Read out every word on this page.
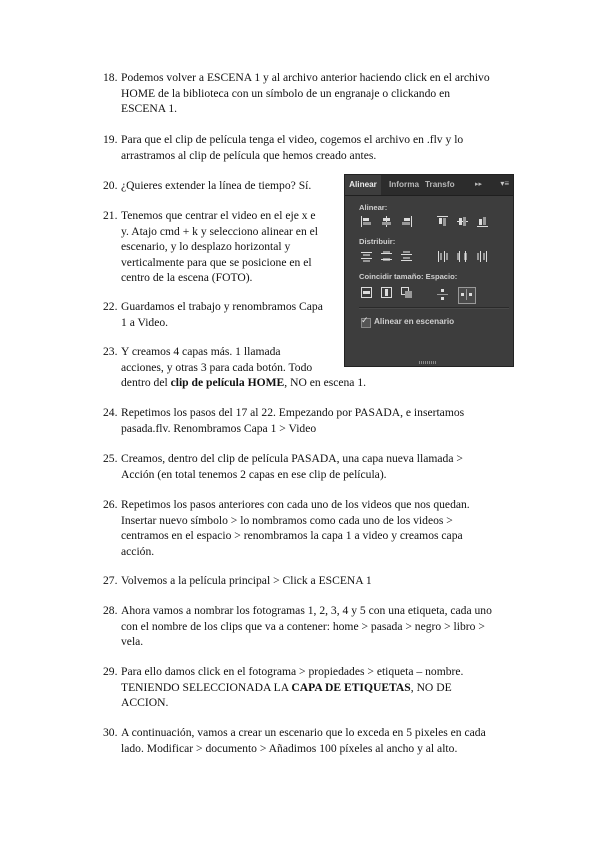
18. Podemos volver a ESCENA 1 y al archivo anterior haciendo click en el archivo
HOME de la biblioteca con un símbolo de un engranaje o clickando en
ESCENA 1.
19. Para que el clip de película tenga el video, cogemos el archivo en .flv y lo
arrastramos al clip de película que hemos creado antes.
20. ¿Quieres extender la línea de tiempo? Sí.
21. Tenemos que centrar el video en el eje x e
y. Atajo cmd + k y selecciono alinear en el
escenario, y lo desplazo horizontal y
verticalmente para que se posicione en el
centro de la escena (FOTO).
22. Guardamos el trabajo y renombramos Capa
1 a Video.
23. Y creamos 4 capas más. 1 llamada
acciones, y otras 3 para cada botón. Todo
dentro del clip de película HOME, NO en escena 1.
24. Repetimos los pasos del 17 al 22. Empezando por PASADA, e insertamos
pasada.flv. Renombramos Capa 1 > Video
25. Creamos, dentro del clip de película PASADA, una capa nueva llamada >
Acción (en total tenemos 2 capas en ese clip de película).
26. Repetimos los pasos anteriores con cada uno de los videos que nos quedan.
Insertar nuevo símbolo > lo nombramos como cada uno de los videos >
centramos en el espacio > renombramos la capa 1 a video y creamos capa
acción.
27. Volvemos a la película principal > Click a ESCENA 1
28. Ahora vamos a nombrar los fotogramas 1, 2, 3, 4 y 5 con una etiqueta, cada uno
con el nombre de los clips que va a contener: home > pasada > negro > libro >
vela.
29. Para ello damos click en el fotograma > propiedades > etiqueta – nombre.
TENIENDO SELECCIONADA LA CAPA DE ETIQUETAS, NO DE
ACCION.
30. A continuación, vamos a crear un escenario que lo exceda en 5 pixeles en cada
lado. Modificar > documento > Añadimos 100 píxeles al ancho y al alto.
Alinear	Informa Transfo	▸▸ ▾≡
Alinear:
Distribuir:
Coincidir tamaño: Espacio:
✓ Alinear en escenario
